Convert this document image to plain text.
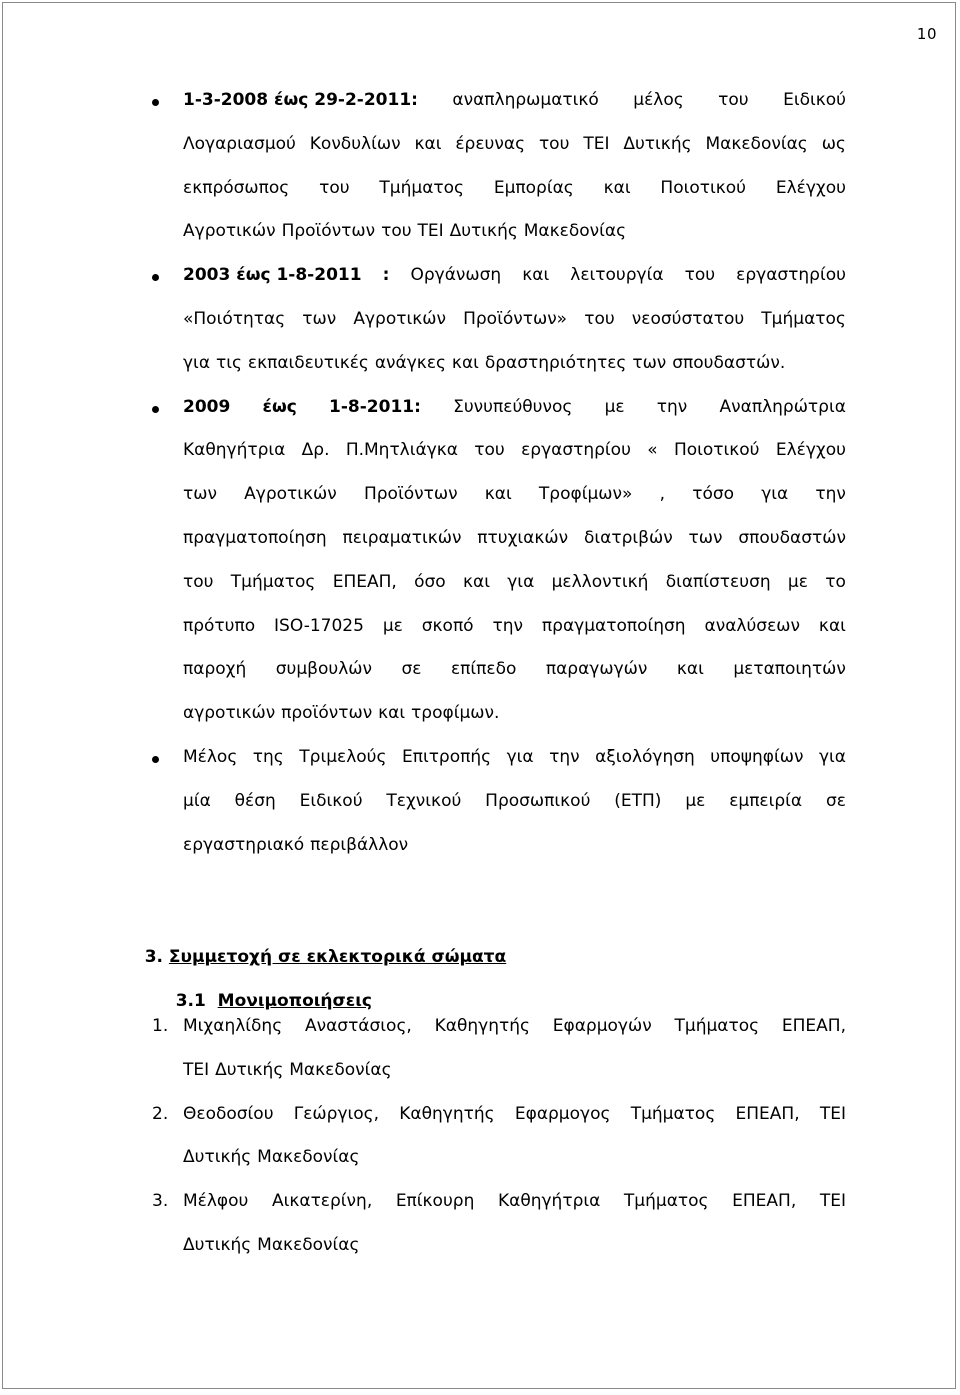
10
1-3-2008 έως 29-2-2011: αναπληρωματικό μέλος του Ειδικού
Λογαριασμού Κονδυλίων και έρευνας του ΤΕΙ Δυτικής Μακεδονίας ως
εκπρόσωπος του Τμήματος Εμπορίας και Ποιοτικού Ελέγχου
Αγροτικών Προϊόντων του ΤΕΙ Δυτικής Μακεδονίας
2003 έως 1-8-2011 : Οργάνωση και λειτουργία του εργαστηρίου
«Ποιότητας των Αγροτικών Προϊόντων» του νεοσύστατου Τμήματος
για τις εκπαιδευτικές ανάγκες και δραστηριότητες των σπουδαστών.
2009 έως 1-8-2011: Συνυπεύθυνος με την Αναπληρώτρια
Καθηγήτρια Δρ. Π.Μητλιάγκα του εργαστηρίου « Ποιοτικού Ελέγχου
των Αγροτικών Προϊόντων και Τροφίμων» , τόσο για την
πραγματοποίηση πειραματικών πτυχιακών διατριβών των σπουδαστών
του Τμήματος ΕΠΕΑΠ, όσο και για μελλοντική διαπίστευση με το
πρότυπο ISO-17025 με σκοπό την πραγματοποίηση αναλύσεων και
παροχή συμβουλών σε επίπεδο παραγωγών και μεταποιητών
αγροτικών προϊόντων και τροφίμων.
Μέλος της Τριμελούς Επιτροπής για την αξιολόγηση υποψηφίων για
μία θέση Ειδικού Τεχνικού Προσωπικού (ΕΤΠ) με εμπειρία σε
εργαστηριακό περιβάλλον

3. Συμμετοχή σε εκλεκτορικά σώματα

3.1 Μονιμοποιήσεις

1. Μιχαηλίδης Αναστάσιος, Καθηγητής Εφαρμογών Τμήματος ΕΠΕΑΠ,
ΤΕΙ Δυτικής Μακεδονίας
2. Θεοδοσίου Γεώργιος, Καθηγητής Εφαρμογος Τμήματος ΕΠΕΑΠ, ΤΕΙ
Δυτικής Μακεδονίας
3. Μέλφου Αικατερίνη, Επίκουρη Καθηγήτρια Τμήματος ΕΠΕΑΠ, ΤΕΙ
Δυτικής Μακεδονίας
